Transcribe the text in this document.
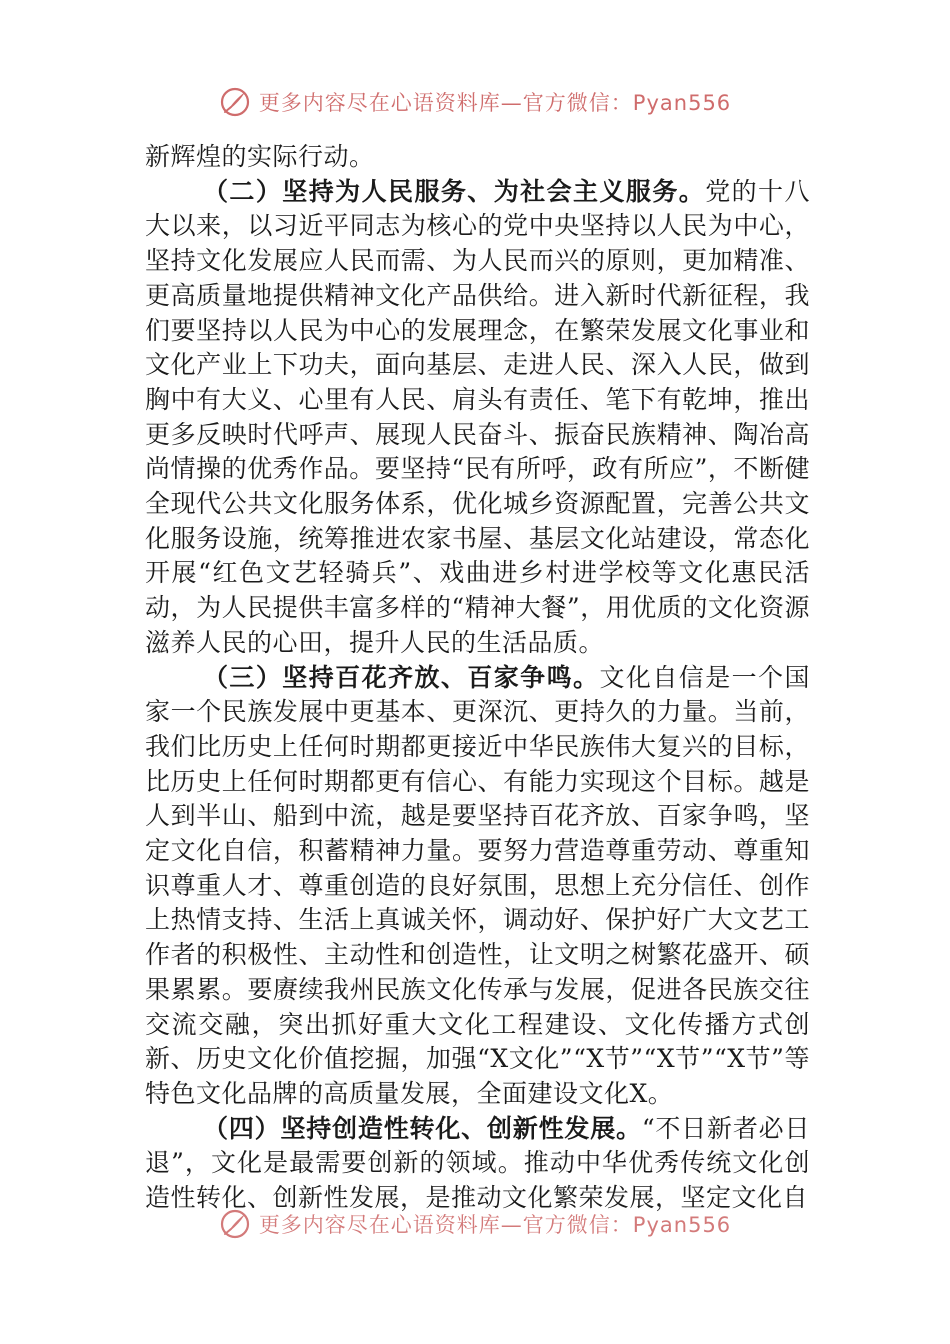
更多内容尽在心语资料库—官方微信：Pyan556

新辉煌的实际行动。

（二）坚持为人民服务、为社会主义服务。党的十八大以来，以习近平同志为核心的党中央坚持以人民为中心，坚持文化发展应人民而需、为人民而兴的原则，更加精准、更高质量地提供精神文化产品供给。进入新时代新征程，我们要坚持以人民为中心的发展理念，在繁荣发展文化事业和文化产业上下功夫，面向基层、走进人民、深入人民，做到胸中有大义、心里有人民、肩头有责任、笔下有乾坤，推出更多反映时代呼声、展现人民奋斗、振奋民族精神、陶冶高尚情操的优秀作品。要坚持“民有所呼，政有所应”，不断健全现代公共文化服务体系，优化城乡资源配置，完善公共文化服务设施，统筹推进农家书屋、基层文化站建设，常态化开展“红色文艺轻骑兵”、戏曲进乡村进学校等文化惠民活动，为人民提供丰富多样的“精神大餐”，用优质的文化资源滋养人民的心田，提升人民的生活品质。

（三）坚持百花齐放、百家争鸣。文化自信是一个国家一个民族发展中更基本、更深沉、更持久的力量。当前，我们比历史上任何时期都更接近中华民族伟大复兴的目标，比历史上任何时期都更有信心、有能力实现这个目标。越是人到半山、船到中流，越是要坚持百花齐放、百家争鸣，坚定文化自信，积蓄精神力量。要努力营造尊重劳动、尊重知识尊重人才、尊重创造的良好氛围，思想上充分信任、创作上热情支持、生活上真诚关怀，调动好、保护好广大文艺工作者的积极性、主动性和创造性，让文明之树繁花盛开、硕果累累。要赓续我州民族文化传承与发展，促进各民族交往交流交融，突出抓好重大文化工程建设、文化传播方式创新、历史文化价值挖掘，加强“X文化”“X节”“X节”“X节”等特色文化品牌的高质量发展，全面建设文化X。

（四）坚持创造性转化、创新性发展。“不日新者必日退”，文化是最需要创新的领域。推动中华优秀传统文化创造性转化、创新性发展，是推动文化繁荣发展，坚定文化自

更多内容尽在心语资料库—官方微信：Pyan556
